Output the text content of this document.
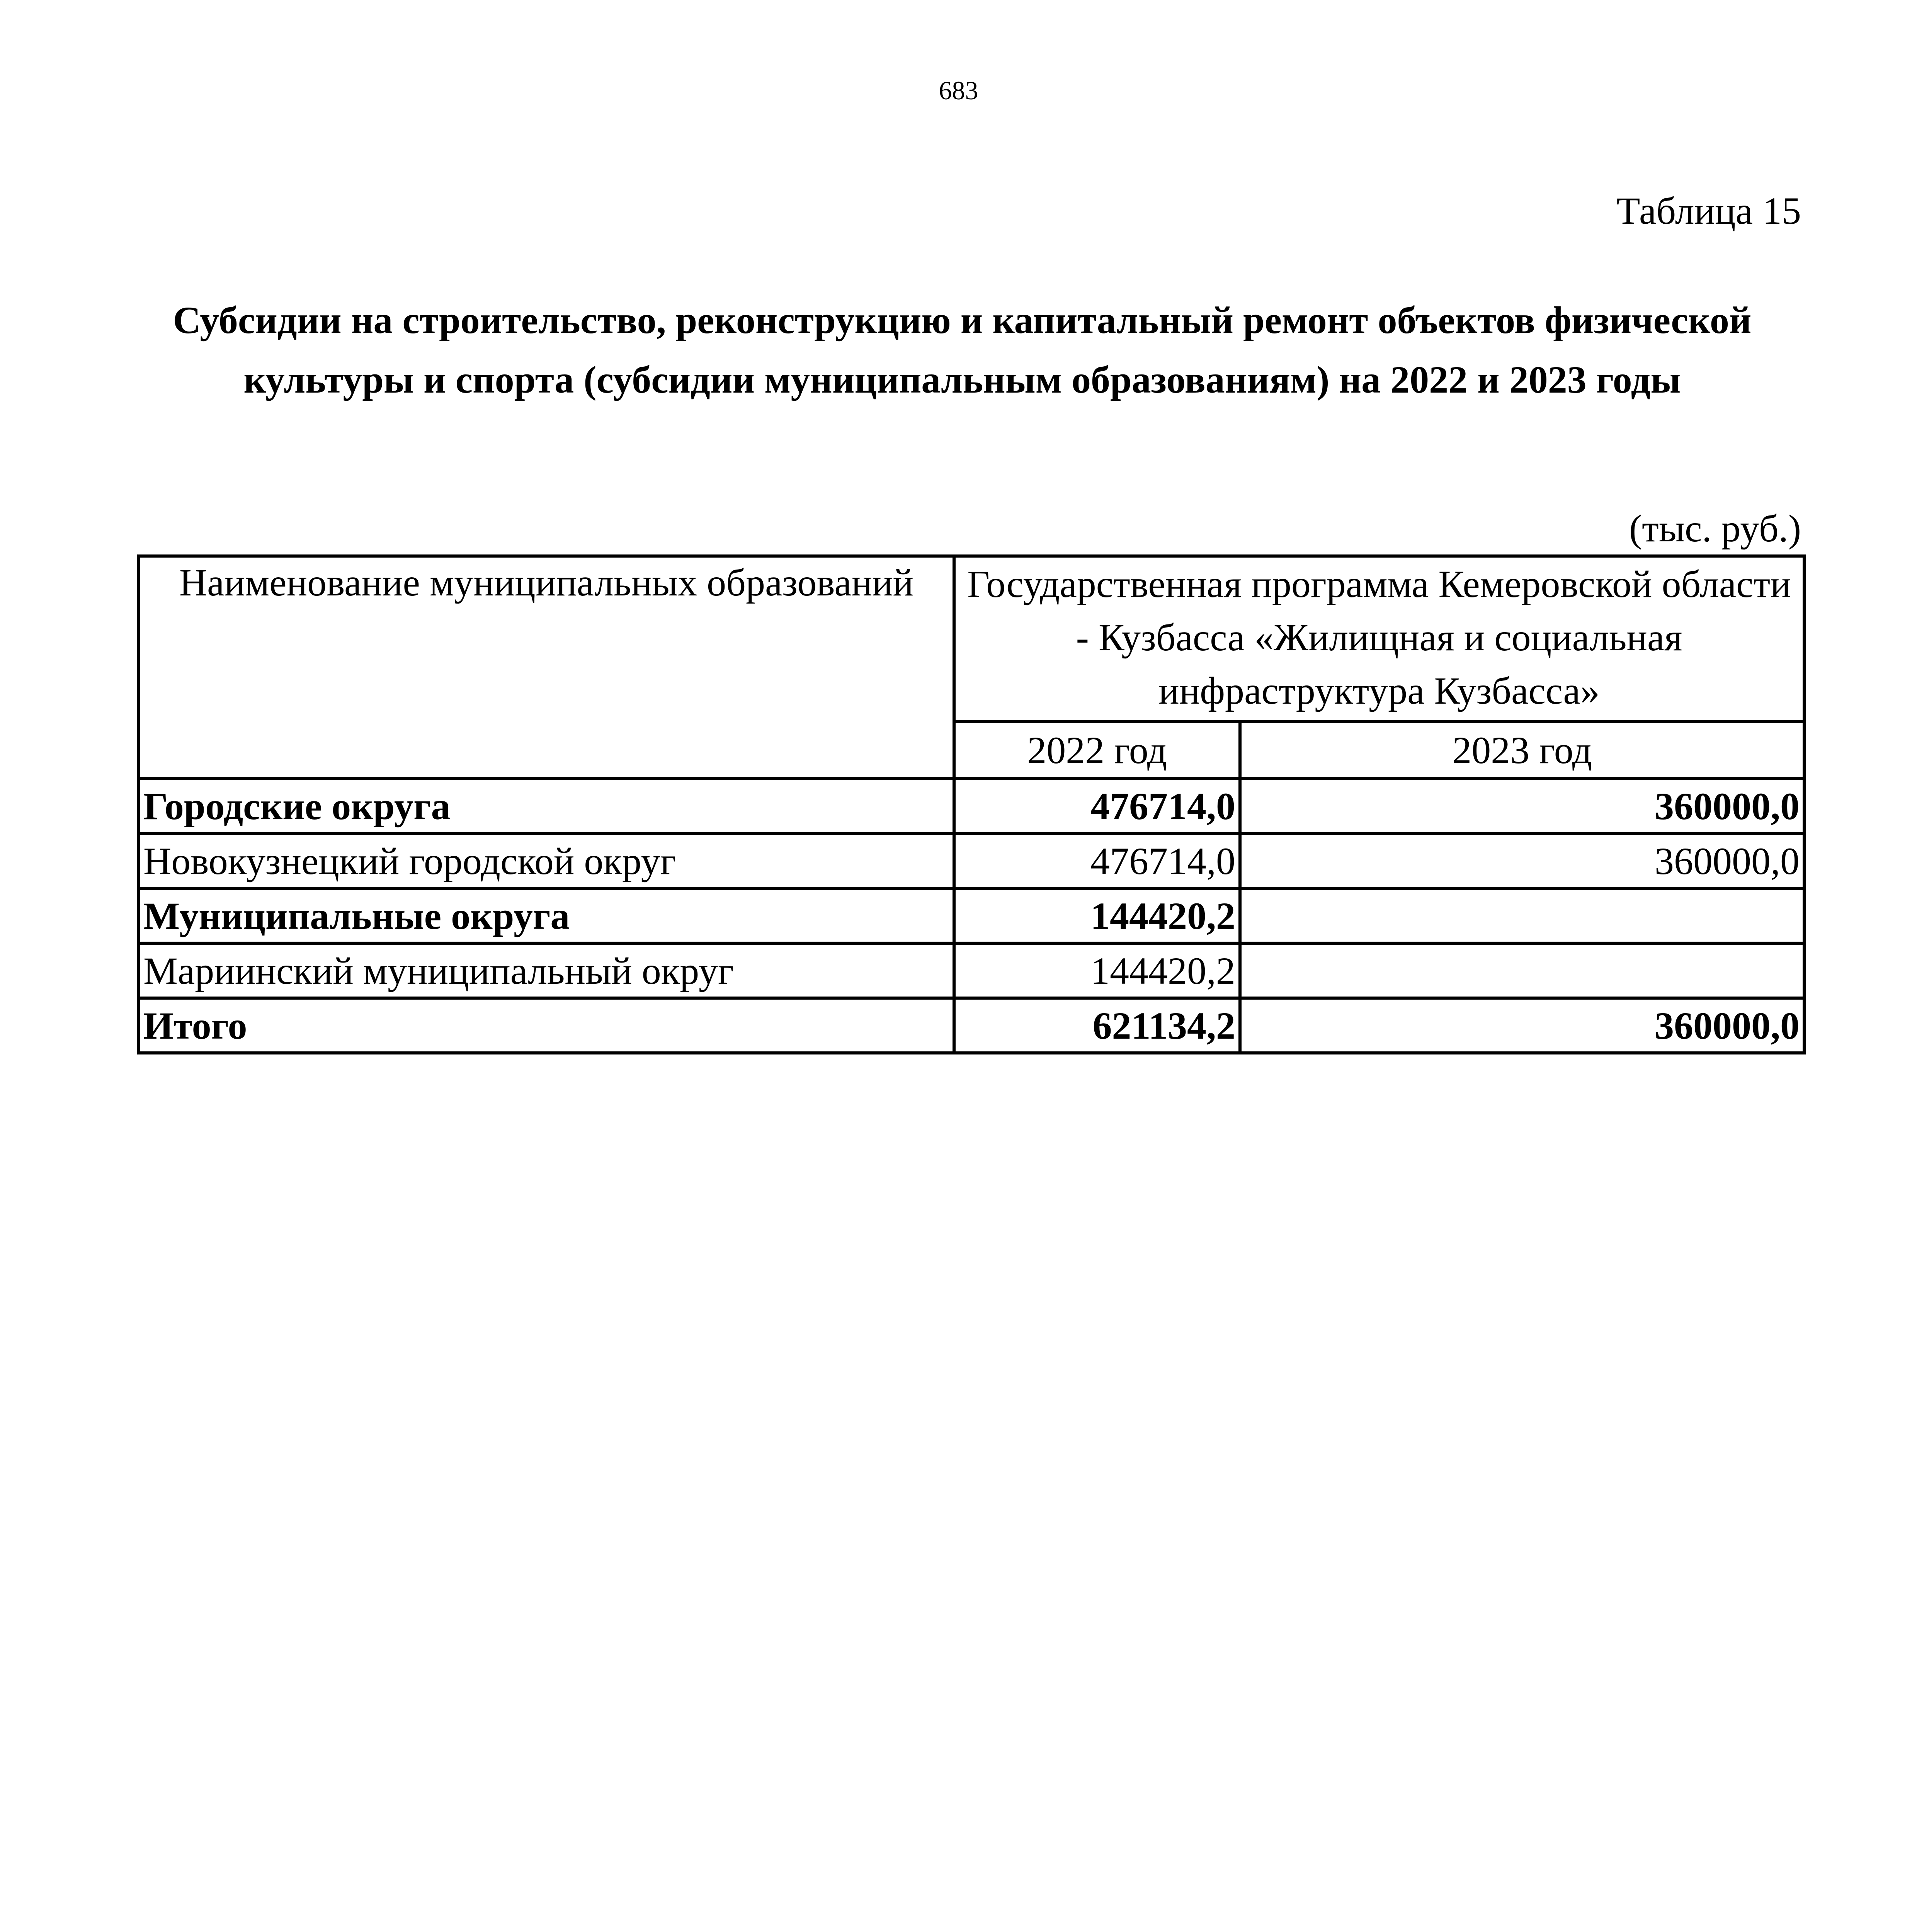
683
Таблица 15
Субсидии на строительство, реконструкцию и капитальный ремонт объектов физической культуры и спорта (субсидии муниципальным образованиям) на 2022 и 2023 годы
(тыс. руб.)
Наименование муниципальных образований	Государственная программа Кемеровской области - Кузбасса «Жилищная и социальная инфраструктура Кузбасса»	
	2022 год	2023 год
Городские округа	476714,0	360000,0
Новокузнецкий городской округ	476714,0	360000,0
Муниципальные округа	144420,2	
Мариинский муниципальный округ	144420,2	
Итого	621134,2	360000,0
